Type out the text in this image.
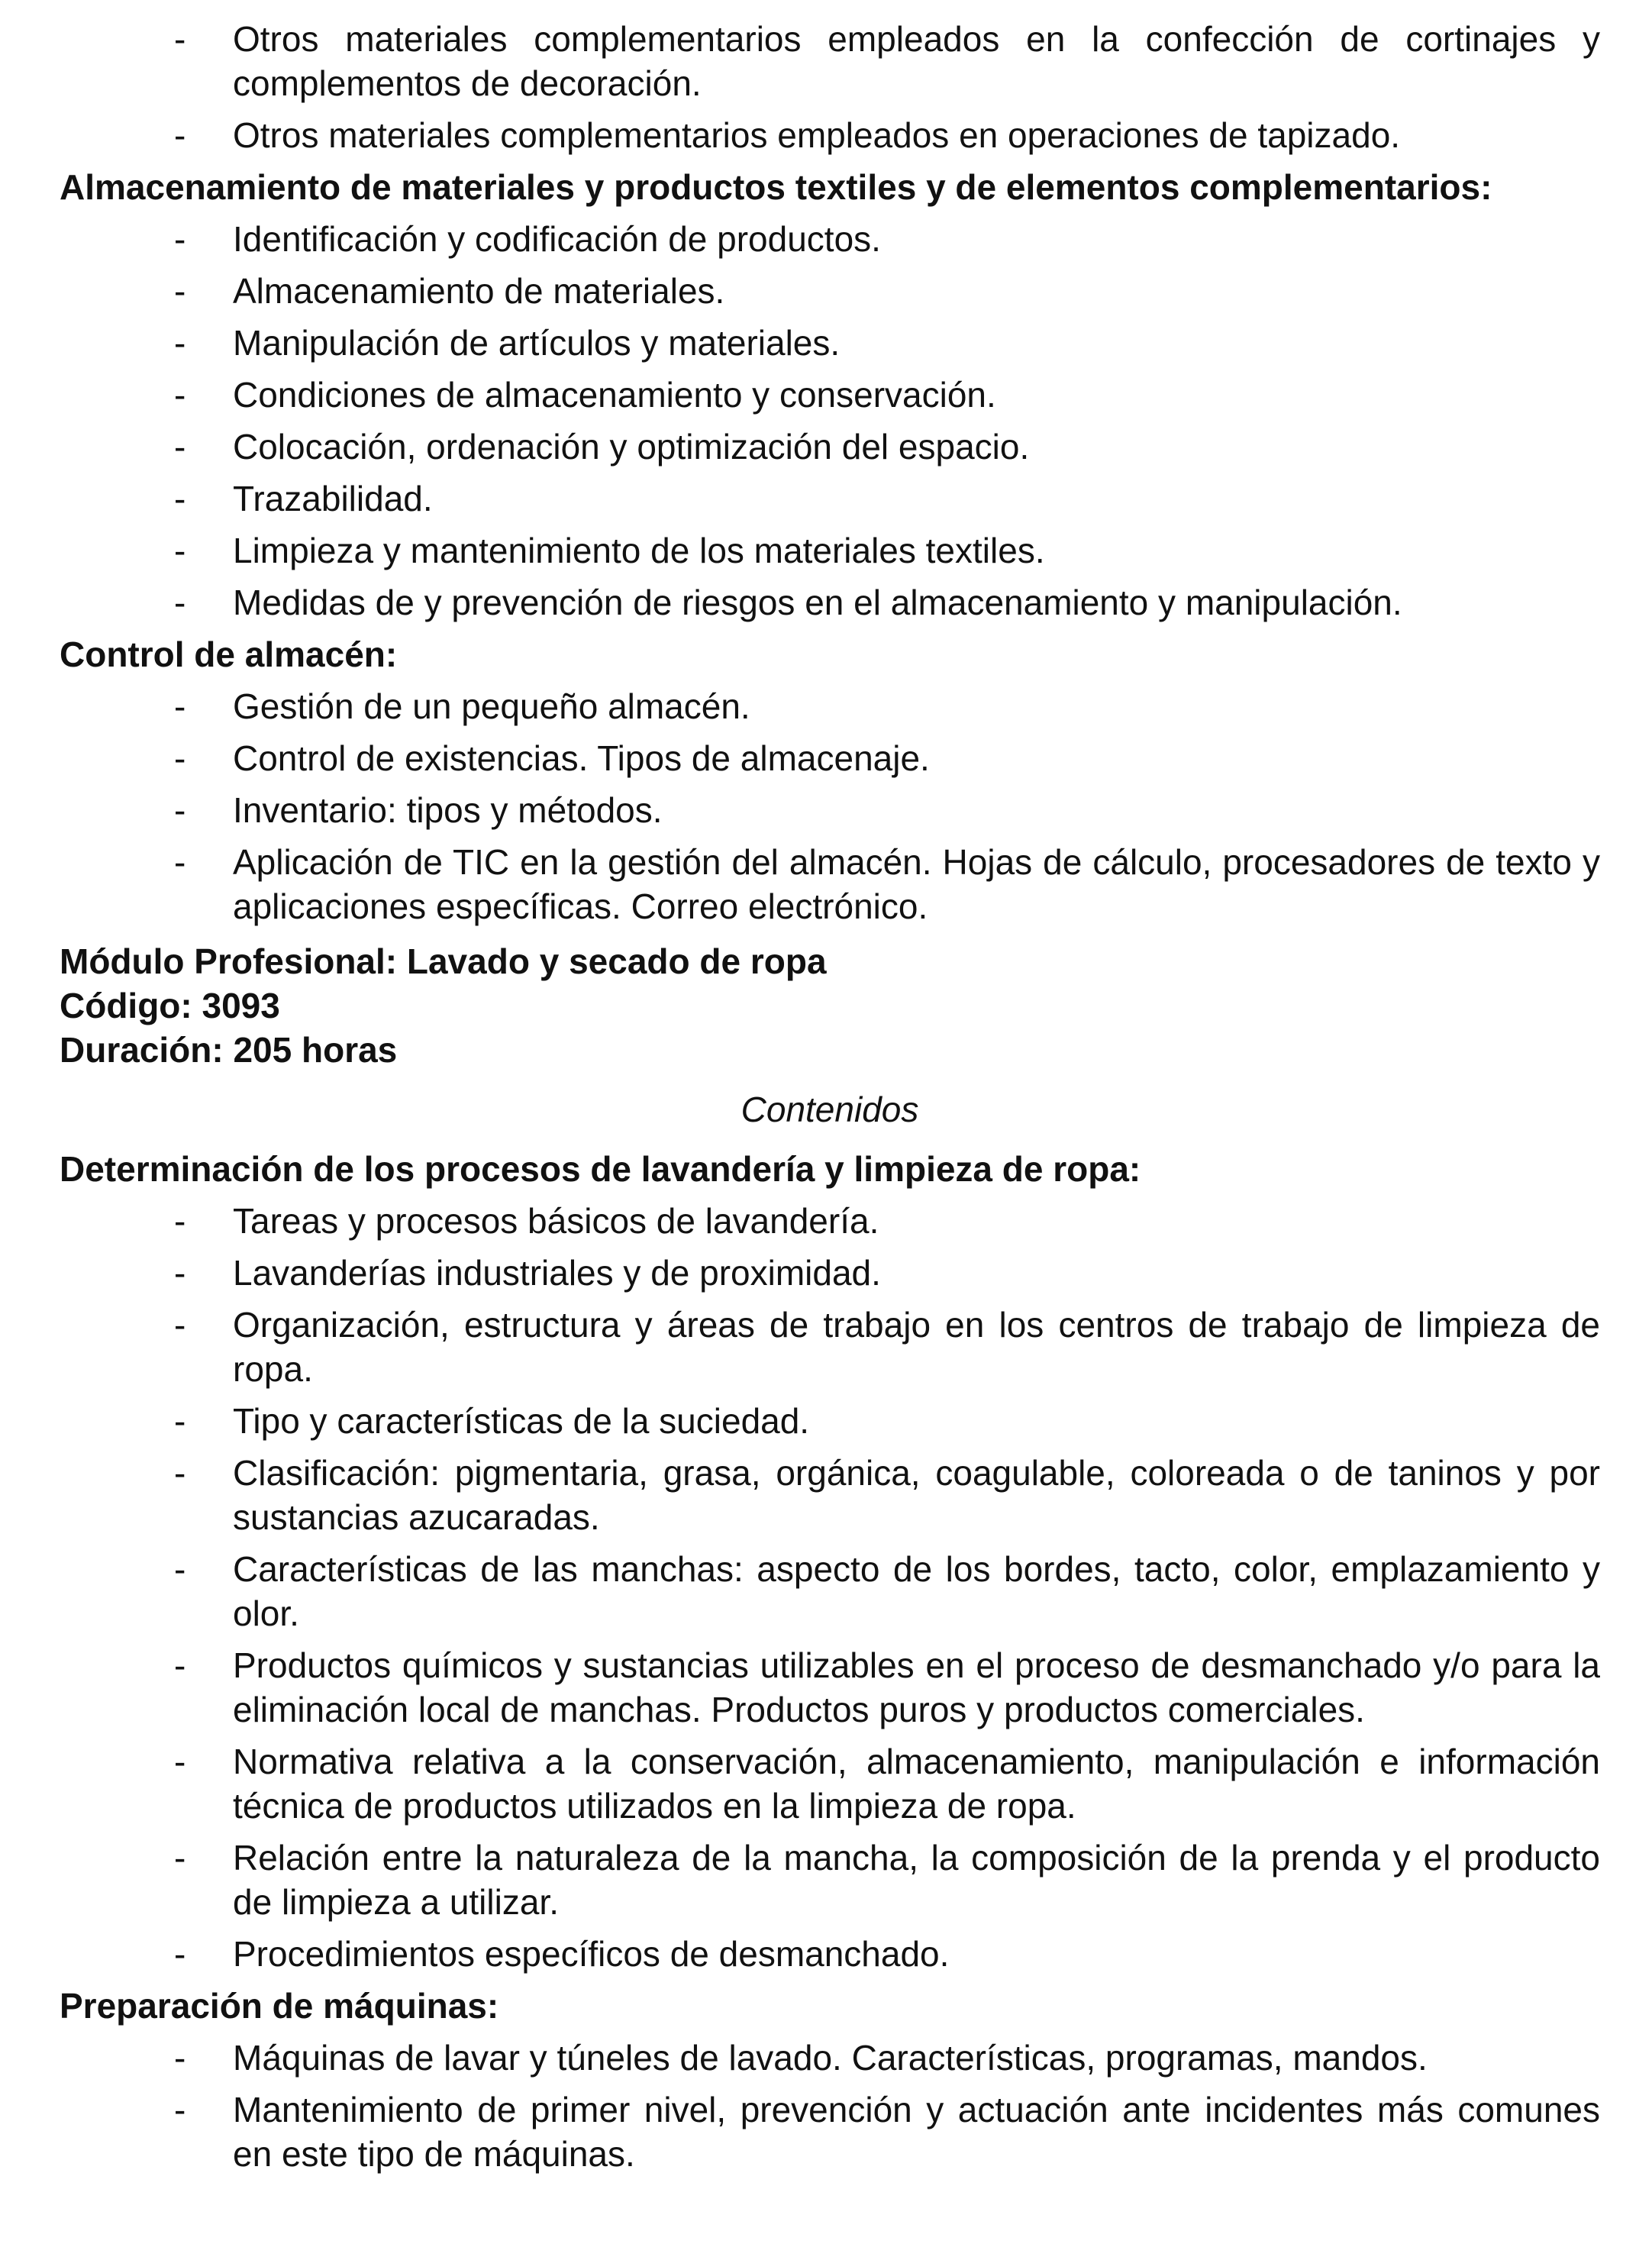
- Otros materiales complementarios empleados en la confección de cortinajes y complementos de decoración.
- Otros materiales complementarios empleados en operaciones de tapizado.
Almacenamiento de materiales y productos textiles y de elementos complementarios:
- Identificación y codificación de productos.
- Almacenamiento de materiales.
- Manipulación de artículos y materiales.
- Condiciones de almacenamiento y conservación.
- Colocación, ordenación y optimización del espacio.
- Trazabilidad.
- Limpieza y mantenimiento de los materiales textiles.
- Medidas de y prevención de riesgos en el almacenamiento y manipulación.
Control de almacén:
- Gestión de un pequeño almacén.
- Control de existencias. Tipos de almacenaje.
- Inventario: tipos y métodos.
- Aplicación de TIC en la gestión del almacén. Hojas de cálculo, procesadores de texto y aplicaciones específicas. Correo electrónico.

Módulo Profesional: Lavado y secado de ropa

Código: 3093

Duración: 205 horas

Contenidos
Determinación de los procesos de lavandería y limpieza de ropa:
- Tareas y procesos básicos de lavandería.
- Lavanderías industriales y de proximidad.
- Organización, estructura y áreas de trabajo en los centros de trabajo de limpieza de ropa.
- Tipo y características de la suciedad.
- Clasificación: pigmentaria, grasa, orgánica, coagulable, coloreada o de taninos y por sustancias azucaradas.
- Características de las manchas: aspecto de los bordes, tacto, color, emplazamiento y olor.
- Productos químicos y sustancias utilizables en el proceso de desmanchado y/o para la eliminación local de manchas. Productos puros y productos comerciales.
- Normativa relativa a la conservación, almacenamiento, manipulación e información técnica de productos utilizados en la limpieza de ropa.
- Relación entre la naturaleza de la mancha, la composición de la prenda y el producto de limpieza a utilizar.
- Procedimientos específicos de desmanchado.
Preparación de máquinas:
- Máquinas de lavar y túneles de lavado. Características, programas, mandos.
- Mantenimiento de primer nivel, prevención y actuación ante incidentes más comunes en este tipo de máquinas.
